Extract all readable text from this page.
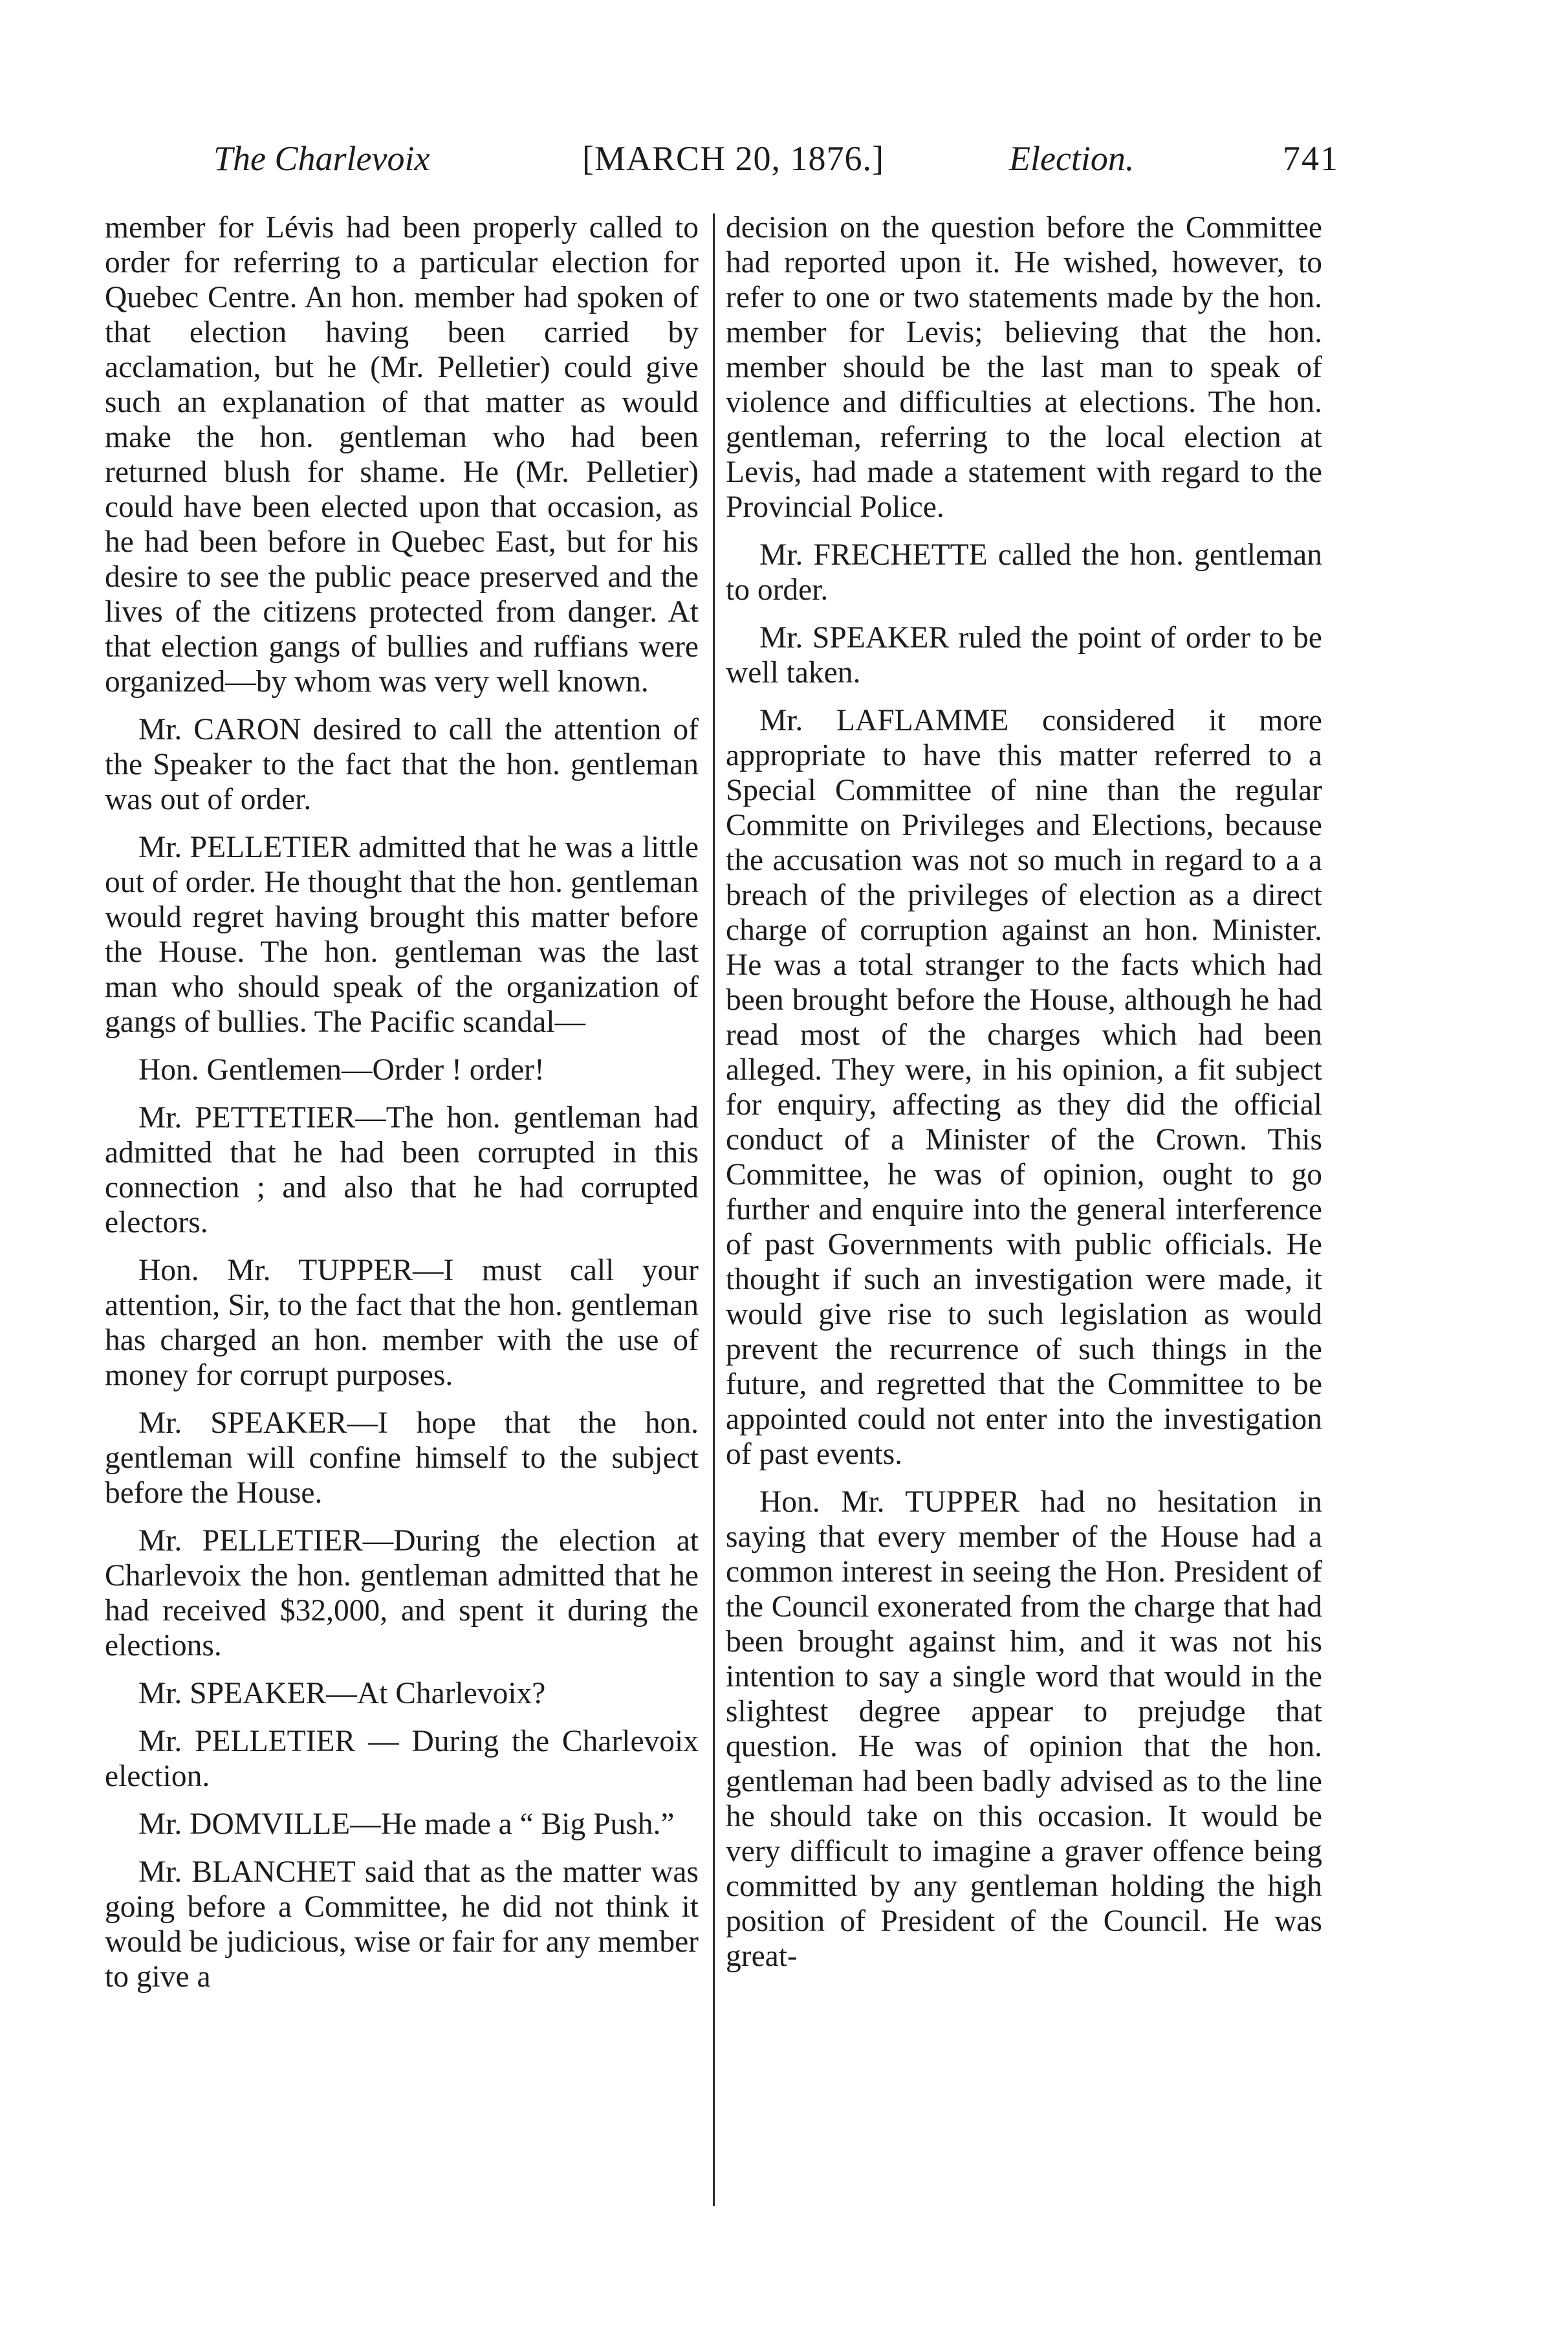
The Charlevoix	[MARCH 20, 1876.]	Election.	741

member for Lévis had been properly called to order for referring to a particular election for Quebec Centre. An hon. member had spoken of that election having been carried by acclamation, but he (Mr. Pelletier) could give such an explanation of that matter as would make the hon. gentleman who had been returned blush for shame. He (Mr. Pelletier) could have been elected upon that occasion, as he had been before in Quebec East, but for his desire to see the public peace preserved and the lives of the citizens protected from danger. At that election gangs of bullies and ruffians were organized—by whom was very well known.

Mr. CARON desired to call the attention of the Speaker to the fact that the hon. gentleman was out of order.

Mr. PELLETIER admitted that he was a little out of order. He thought that the hon. gentleman would regret having brought this matter before the House. The hon. gentleman was the last man who should speak of the organization of gangs of bullies. The Pacific scandal—

Hon. Gentlemen—Order ! order!

Mr. PETTETIER—The hon. gentleman had admitted that he had been corrupted in this connection ; and also that he had corrupted electors.

Hon. Mr. TUPPER—I must call your attention, Sir, to the fact that the hon. gentleman has charged an hon. member with the use of money for corrupt purposes.

Mr. SPEAKER—I hope that the hon. gentleman will confine himself to the subject before the House.

Mr. PELLETIER—During the election at Charlevoix the hon. gentleman admitted that he had received $32,000, and spent it during the elections.

Mr. SPEAKER—At Charlevoix?

Mr. PELLETIER — During the Charlevoix election.

Mr. DOMVILLE—He made a “ Big Push.”

Mr. BLANCHET said that as the matter was going before a Committee, he did not think it would be judicious, wise or fair for any member to give a

decision on the question before the Committee had reported upon it. He wished, however, to refer to one or two statements made by the hon. member for Levis; believing that the hon. member should be the last man to speak of violence and difficulties at elections. The hon. gentleman, referring to the local election at Levis, had made a statement with regard to the Provincial Police.

Mr. FRECHETTE called the hon. gentleman to order.

Mr. SPEAKER ruled the point of order to be well taken.

Mr. LAFLAMME considered it more appropriate to have this matter referred to a Special Committee of nine than the regular Committe on Privileges and Elections, because the accusation was not so much in regard to a a breach of the privileges of election as a direct charge of corruption against an hon. Minister. He was a total stranger to the facts which had been brought before the House, although he had read most of the charges which had been alleged. They were, in his opinion, a fit subject for enquiry, affecting as they did the official conduct of a Minister of the Crown. This Committee, he was of opinion, ought to go further and enquire into the general interference of past Governments with public officials. He thought if such an investigation were made, it would give rise to such legislation as would prevent the recurrence of such things in the future, and regretted that the Committee to be appointed could not enter into the investigation of past events.

Hon. Mr. TUPPER had no hesitation in saying that every member of the House had a common interest in seeing the Hon. President of the Council exonerated from the charge that had been brought against him, and it was not his intention to say a single word that would in the slightest degree appear to prejudge that question. He was of opinion that the hon. gentleman had been badly advised as to the line he should take on this occasion. It would be very difficult to imagine a graver offence being committed by any gentleman holding the high position of President of the Council. He was great-
